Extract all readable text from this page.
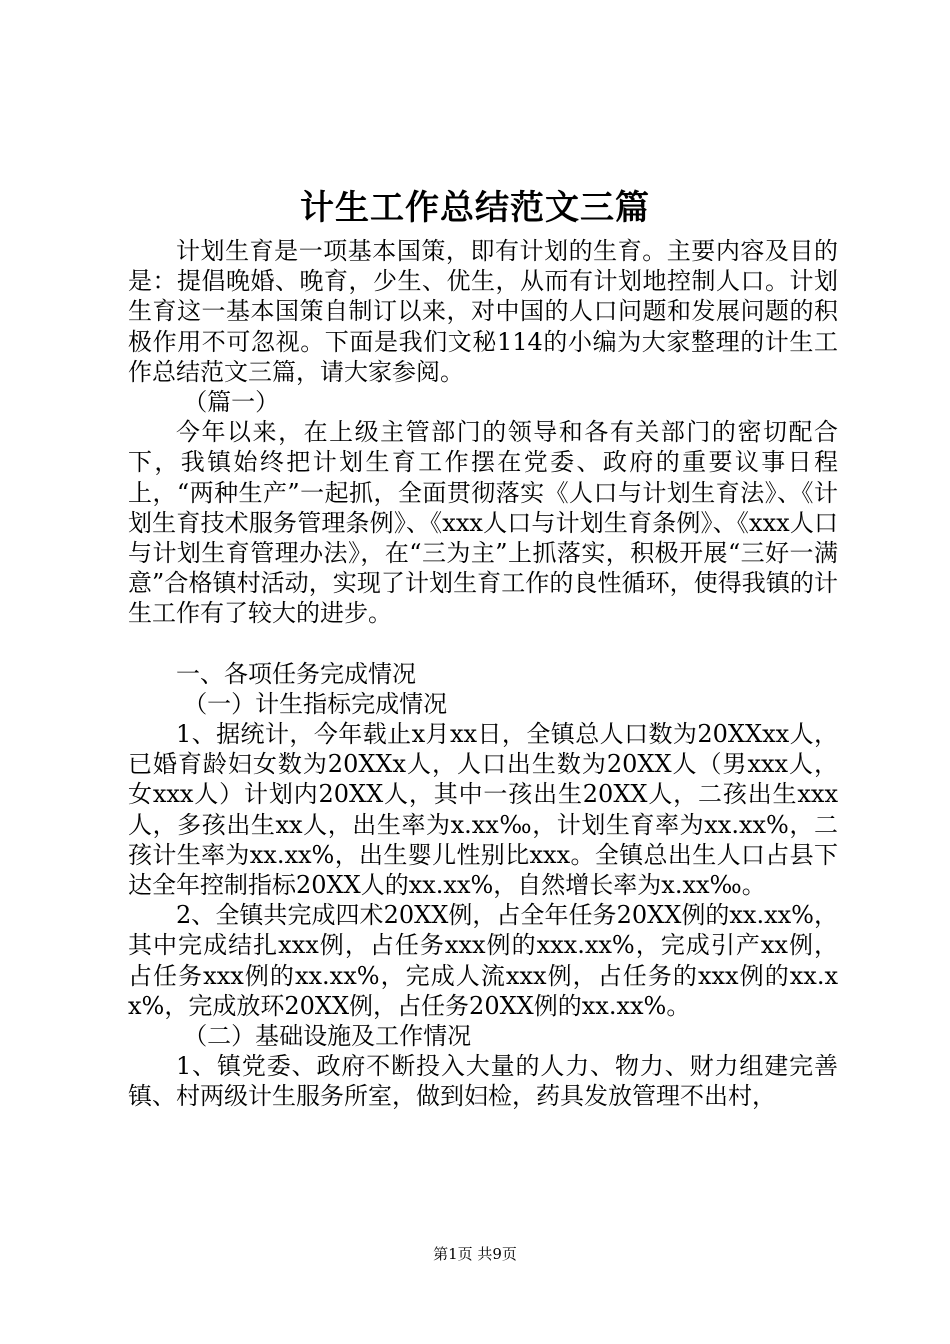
计生工作总结范文三篇

计划生育是一项基本国策，即有计划的生育。主要内容及目的是：提倡晚婚、晚育，少生、优生，从而有计划地控制人口。计划生育这一基本国策自制订以来，对中国的人口问题和发展问题的积极作用不可忽视。下面是我们文秘114的小编为大家整理的计生工作总结范文三篇，请大家参阅。

（篇一）

今年以来，在上级主管部门的领导和各有关部门的密切配合下，我镇始终把计划生育工作摆在党委、政府的重要议事日程上，“两种生产”一起抓，全面贯彻落实《人口与计划生育法》、《计划生育技术服务管理条例》、《xxx人口与计划生育条例》、《xxx人口与计划生育管理办法》，在“三为主”上抓落实，积极开展“三好一满意”合格镇村活动，实现了计划生育工作的良性循环，使得我镇的计生工作有了较大的进步。

一、各项任务完成情况

（一）计生指标完成情况

1、据统计，今年载止x月xx日，全镇总人口数为20XXxx人，已婚育龄妇女数为20XXx人，人口出生数为20XX人（男xxx人，女xxx人）计划内20XX人，其中一孩出生20XX人，二孩出生xxx人，多孩出生xx人，出生率为x.xx‰，计划生育率为xx.xx%，二孩计生率为xx.xx%，出生婴儿性别比xxx。全镇总出生人口占县下达全年控制指标20XX人的xx.xx%，自然增长率为x.xx‰。

2、全镇共完成四术20XX例，占全年任务20XX例的xx.xx%，其中完成结扎xxx例，占任务xxx例的xxx.xx%，完成引产xx例，占任务xxx例的xx.xx%，完成人流xxx例，占任务的xxx例的xx.xx%，完成放环20XX例，占任务20XX例的xx.xx%。

（二）基础设施及工作情况

1、镇党委、政府不断投入大量的人力、物力、财力组建完善镇、村两级计生服务所室，做到妇检，药具发放管理不出村，

第1页 共9页
